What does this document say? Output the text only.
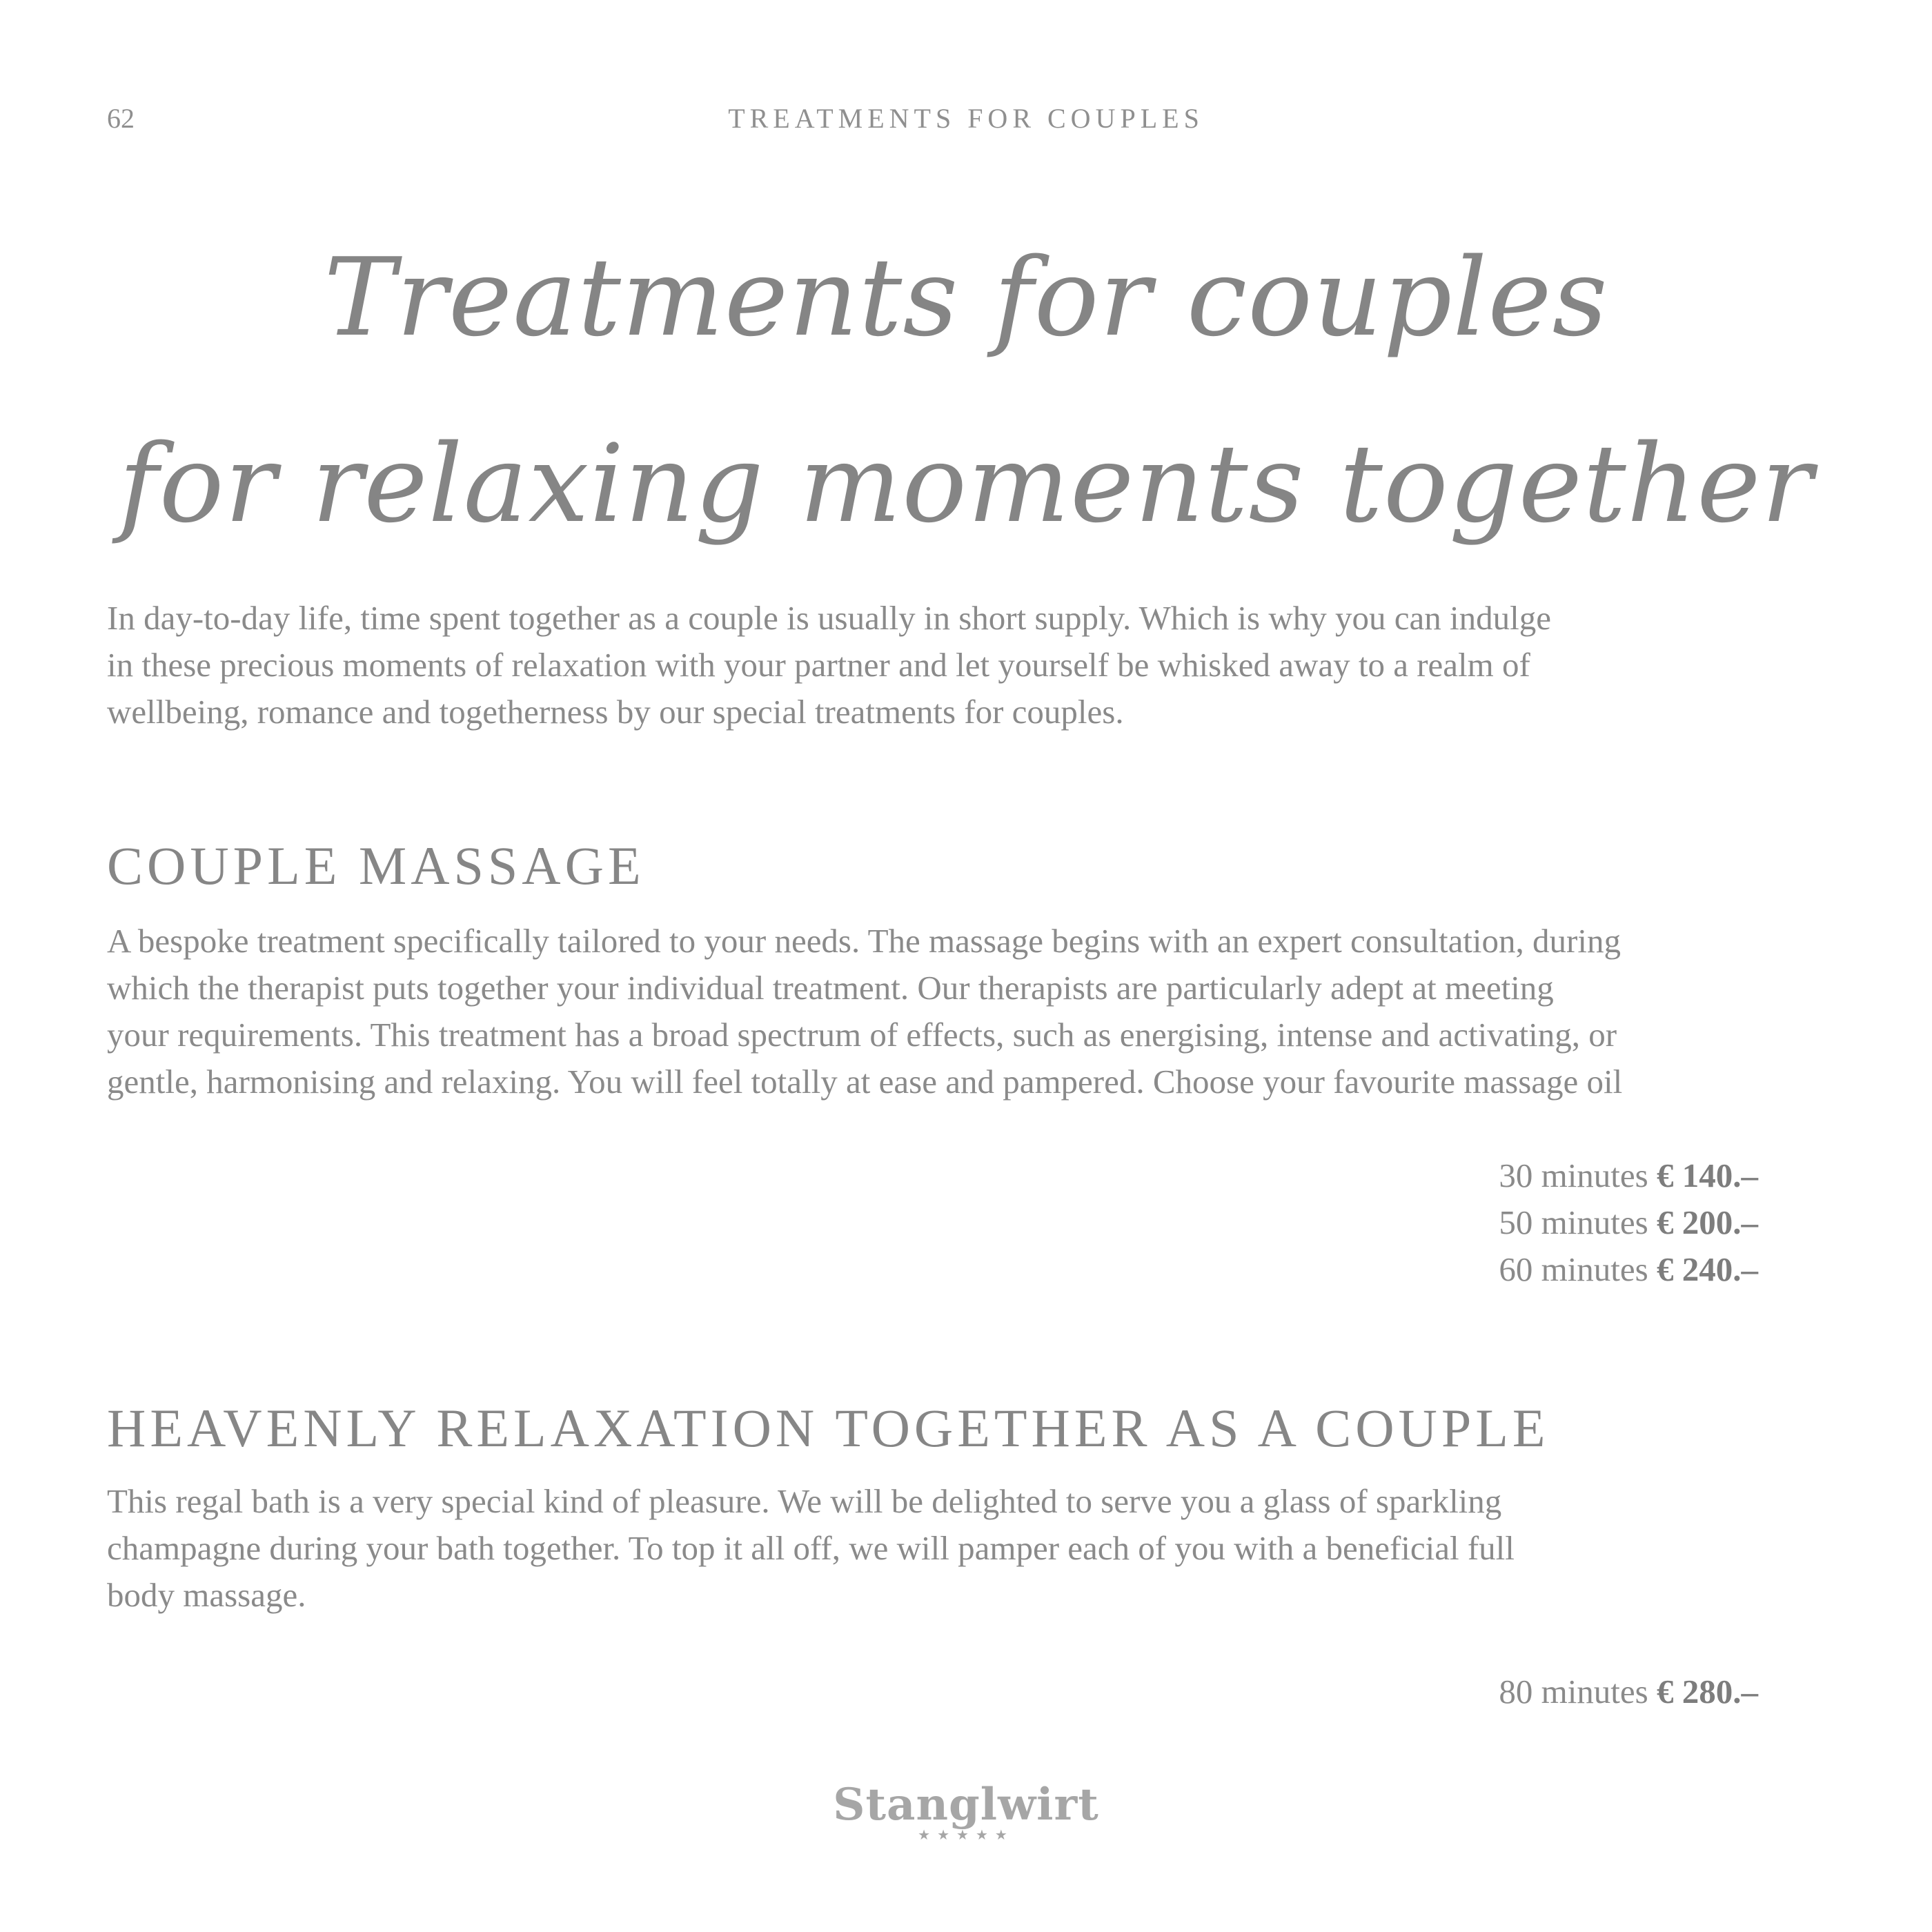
62	TREATMENTS FOR COUPLES
Treatments for couples
for relaxing moments together
In day-to-day life, time spent together as a couple is usually in short supply. Which is why you can indulge
in these precious moments of relaxation with your partner and let yourself be whisked away to a realm of
wellbeing, romance and togetherness by our special treatments for couples.
COUPLE MASSAGE
A bespoke treatment specifically tailored to your needs. The massage begins with an expert consultation, during
which the therapist puts together your individual treatment. Our therapists are particularly adept at meeting
your requirements. This treatment has a broad spectrum of effects, such as energising, intense and activating, or
gentle, harmonising and relaxing. You will feel totally at ease and pampered. Choose your favourite massage oil
30 minutes € 140.–
50 minutes € 200.–
60 minutes € 240.–
HEAVENLY RELAXATION TOGETHER AS A COUPLE
This regal bath is a very special kind of pleasure. We will be delighted to serve you a glass of sparkling
champagne during your bath together. To top it all off, we will pamper each of you with a beneficial full
body massage.
80 minutes € 280.–
Stanglwirt
★★★★★
